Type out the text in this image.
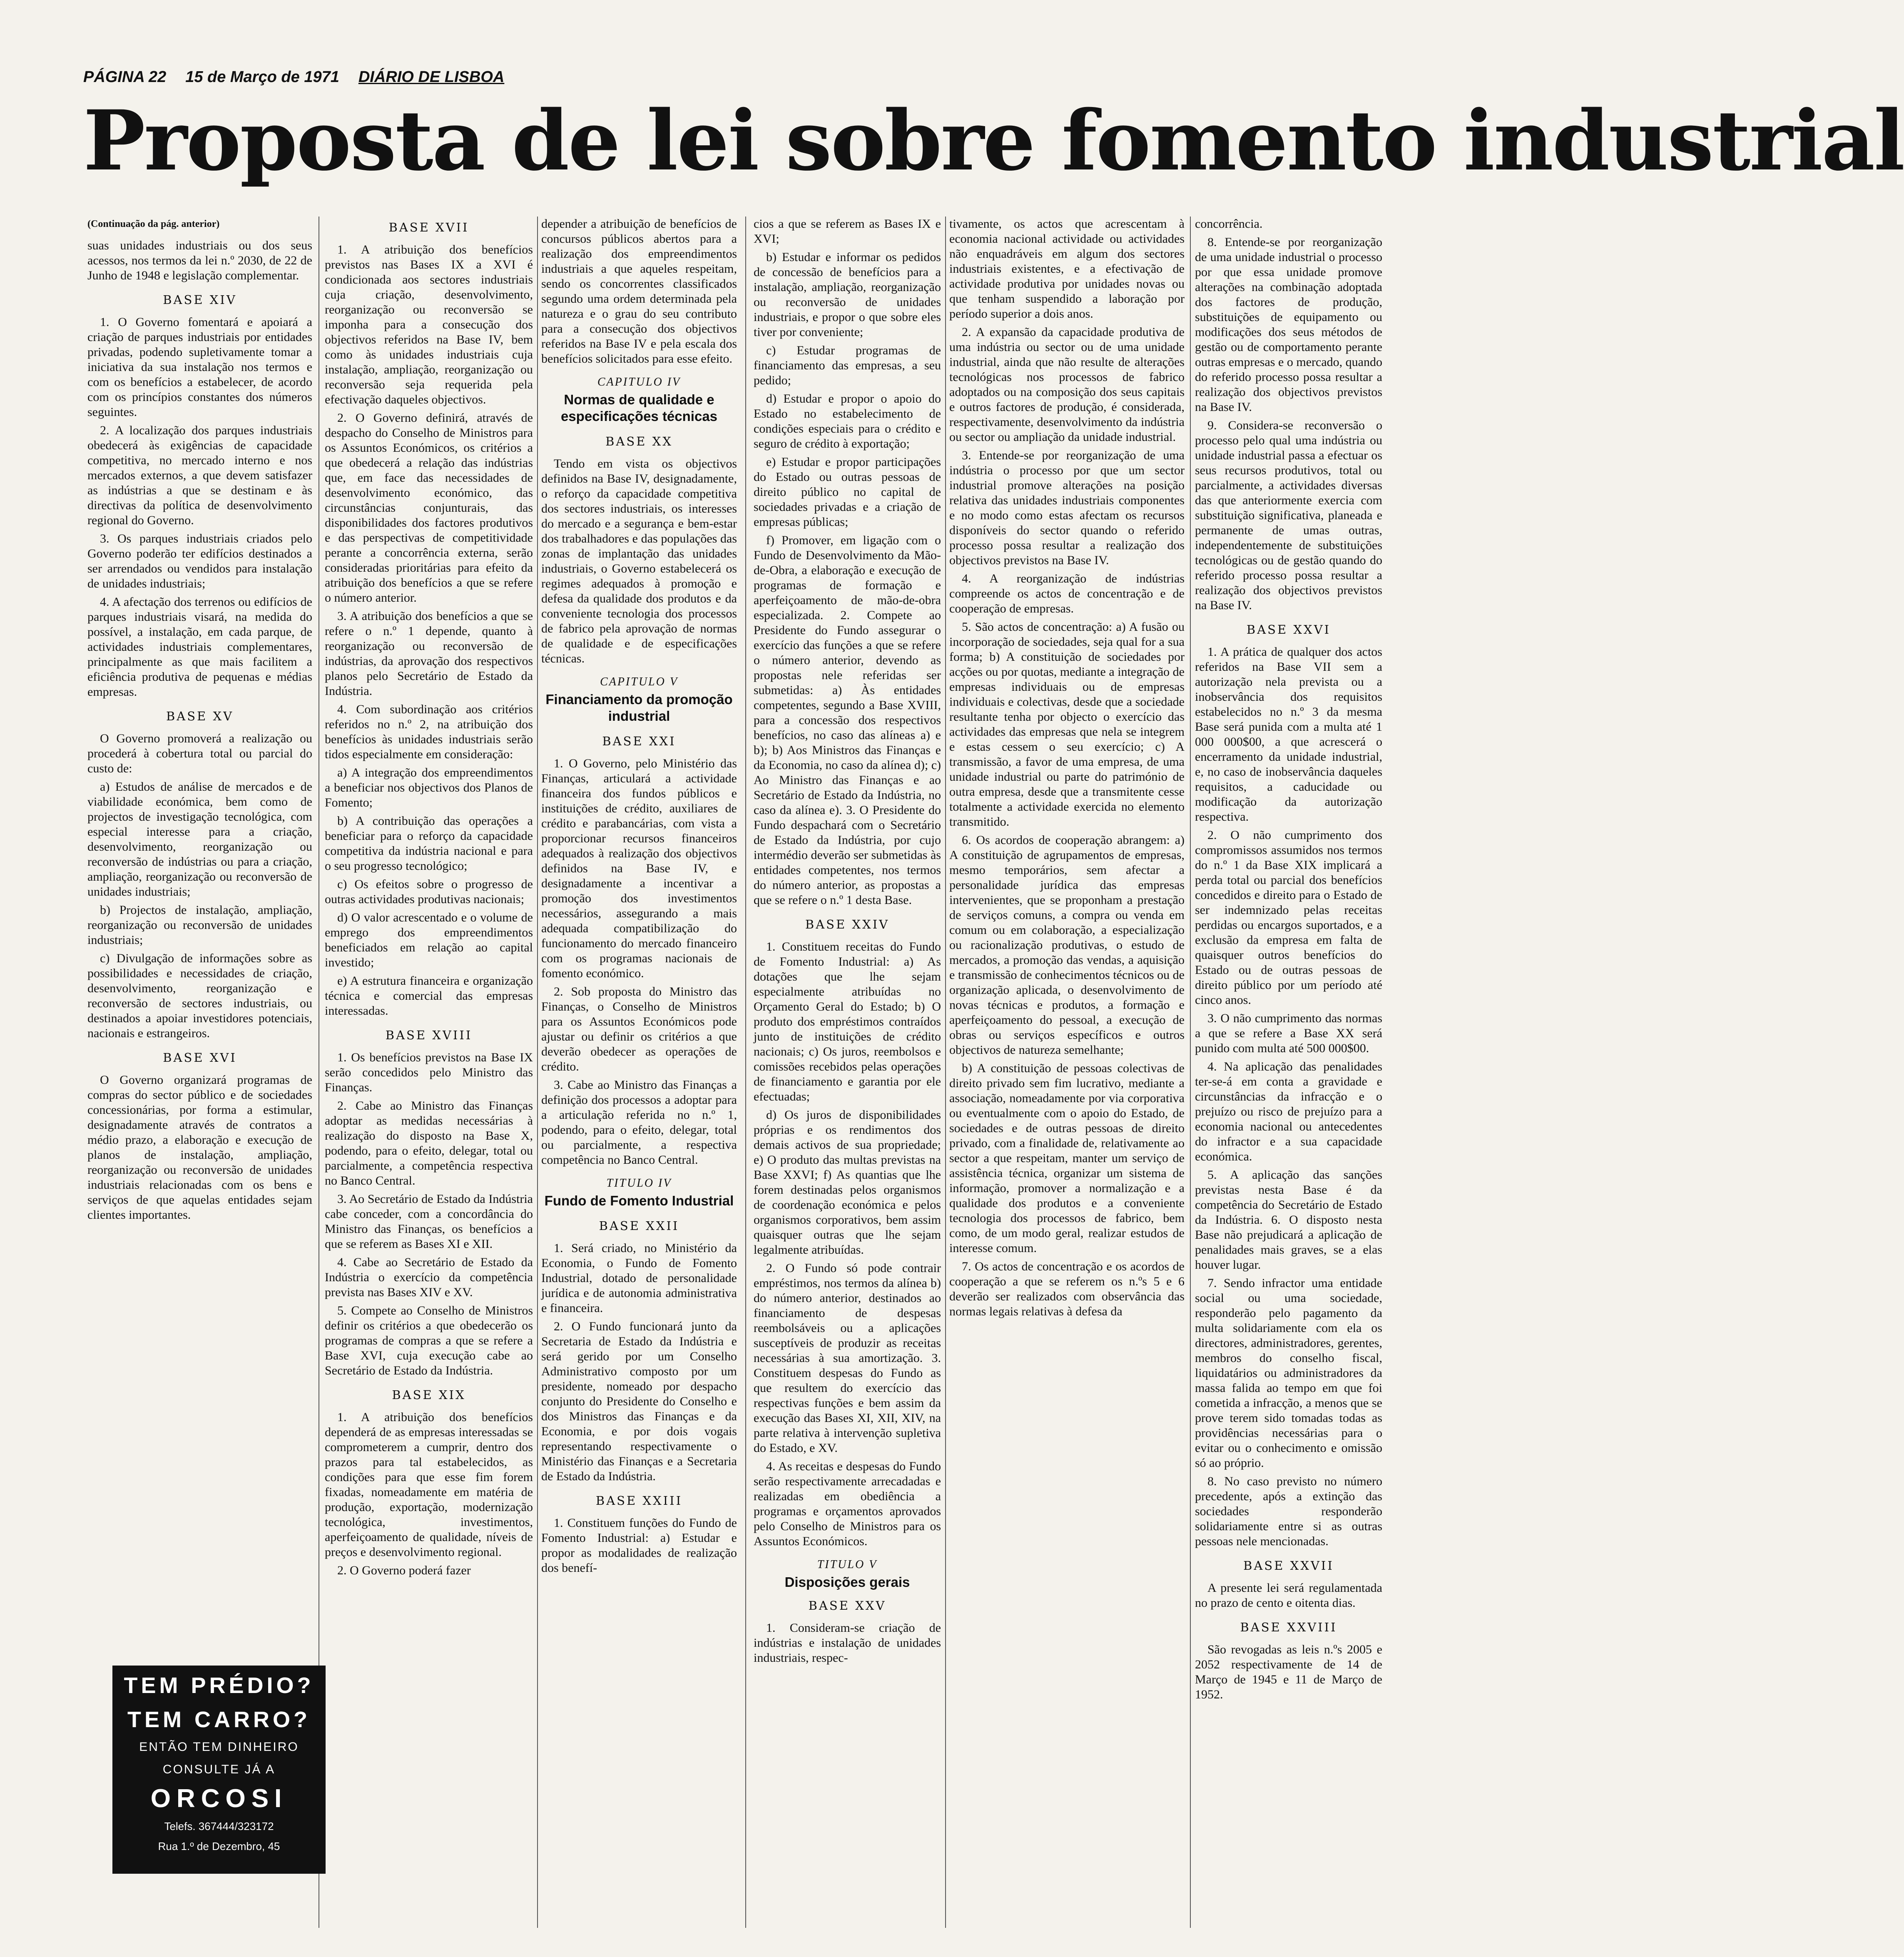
PÁGINA 22 15 de Março de 1971 DIÁRIO DE LISBOA
Proposta de lei sobre fomento industrial

(Continuação da pág. anterior)

suas unidades industriais ou dos seus acessos, nos termos da lei n.º 2030, de 22 de Junho de 1948 e legislação complementar.

BASE XIV

1. O Governo fomentará e apoiará a criação de parques industriais por entidades privadas, podendo supletivamente tomar a iniciativa da sua instalação nos termos e com os benefícios a estabelecer, de acordo com os princípios constantes dos números seguintes.

2. A localização dos parques industriais obedecerá às exigências de capacidade competitiva, no mercado interno e nos mercados externos, a que devem satisfazer as indústrias a que se destinam e às directivas da política de desenvolvimento regional do Governo.

3. Os parques industriais criados pelo Governo poderão ter edifícios destinados a ser arrendados ou vendidos para instalação de unidades industriais;

4. A afectação dos terrenos ou edifícios de parques industriais visará, na medida do possível, a instalação, em cada parque, de actividades industriais complementares, principalmente as que mais facilitem a eficiência produtiva de pequenas e médias empresas.

BASE XV

O Governo promoverá a realização ou procederá à cobertura total ou parcial do custo de:

a) Estudos de análise de mercados e de viabilidade económica, bem como de projectos de investigação tecnológica, com especial interesse para a criação, desenvolvimento, reorganização ou reconversão de indústrias ou para a criação, ampliação, reorganização ou reconversão de unidades industriais;

b) Projectos de instalação, ampliação, reorganização ou reconversão de unidades industriais;

c) Divulgação de informações sobre as possibilidades e necessidades de criação, desenvolvimento, reorganização e reconversão de sectores industriais, ou destinados a apoiar investidores potenciais, nacionais e estrangeiros.

BASE XVI

O Governo organizará programas de compras do sector público e de sociedades concessionárias, por forma a estimular, designadamente através de contratos a médio prazo, a elaboração e execução de planos de instalação, ampliação, reorganização ou reconversão de unidades industriais relacionadas com os bens e serviços de que aquelas entidades sejam clientes importantes.

TEM PRÉDIO?
TEM CARRO?
ENTÃO TEM DINHEIRO
CONSULTE JÁ A
ORCOSI
Telefs. 367444/323172
Rua 1.º de Dezembro, 45
BASE XVII

1. A atribuição dos benefícios previstos nas Bases IX a XVI é condicionada aos sectores industriais cuja criação, desenvolvimento, reorganização ou reconversão se imponha para a consecução dos objectivos referidos na Base IV, bem como às unidades industriais cuja instalação, ampliação, reorganização ou reconversão seja requerida pela efectivação daqueles objectivos.

2. O Governo definirá, através de despacho do Conselho de Ministros para os Assuntos Económicos, os critérios a que obedecerá a relação das indústrias que, em face das necessidades de desenvolvimento económico, das circunstâncias conjunturais, das disponibilidades dos factores produtivos e das perspectivas de competitividade perante a concorrência externa, serão consideradas prioritárias para efeito da atribuição dos benefícios a que se refere o número anterior.

3. A atribuição dos benefícios a que se refere o n.º 1 depende, quanto à reorganização ou reconversão de indústrias, da aprovação dos respectivos planos pelo Secretário de Estado da Indústria.

4. Com subordinação aos critérios referidos no n.º 2, na atribuição dos benefícios às unidades industriais serão tidos especialmente em consideração:

a) A integração dos empreendimentos a beneficiar nos objectivos dos Planos de Fomento;

b) A contribuição das operações a beneficiar para o reforço da capacidade competitiva da indústria nacional e para o seu progresso tecnológico;

c) Os efeitos sobre o progresso de outras actividades produtivas nacionais;

d) O valor acrescentado e o volume de emprego dos empreendimentos beneficiados em relação ao capital investido;

e) A estrutura financeira e organização técnica e comercial das empresas interessadas.

BASE XVIII

1. Os benefícios previstos na Base IX serão concedidos pelo Ministro das Finanças.

2. Cabe ao Ministro das Finanças adoptar as medidas necessárias à realização do disposto na Base X, podendo, para o efeito, delegar, total ou parcialmente, a competência respectiva no Banco Central.

3. Ao Secretário de Estado da Indústria cabe conceder, com a concordância do Ministro das Finanças, os benefícios a que se referem as Bases XI e XII.

4. Cabe ao Secretário de Estado da Indústria o exercício da competência prevista nas Bases XIV e XV.

5. Compete ao Conselho de Ministros definir os critérios a que obedecerão os programas de compras a que se refere a Base XVI, cuja execução cabe ao Secretário de Estado da Indústria.

BASE XIX

1. A atribuição dos benefícios dependerá de as empresas interessadas se comprometerem a cumprir, dentro dos prazos para tal estabelecidos, as condições para que esse fim forem fixadas, nomeadamente em matéria de produção, exportação, modernização tecnológica, investimentos, aperfeiçoamento de qualidade, níveis de preços e desenvolvimento regional.

2. O Governo poderá fazer

depender a atribuição de benefícios de concursos públicos abertos para a realização dos empreendimentos industriais a que aqueles respeitam, sendo os concorrentes classificados segundo uma ordem determinada pela natureza e o grau do seu contributo para a consecução dos objectivos referidos na Base IV e pela escala dos benefícios solicitados para esse efeito.

CAPITULO IV
Normas de qualidade e especificações técnicas
BASE XX

Tendo em vista os objectivos definidos na Base IV, designadamente, o reforço da capacidade competitiva dos sectores industriais, os interesses do mercado e a segurança e bem-estar dos trabalhadores e das populações das zonas de implantação das unidades industriais, o Governo estabelecerá os regimes adequados à promoção e defesa da qualidade dos produtos e da conveniente tecnologia dos processos de fabrico pela aprovação de normas de qualidade e de especificações técnicas.

CAPITULO V
Financiamento da promoção industrial
BASE XXI

1. O Governo, pelo Ministério das Finanças, articulará a actividade financeira dos fundos públicos e instituições de crédito, auxiliares de crédito e parabancárias, com vista a proporcionar recursos financeiros adequados à realização dos objectivos definidos na Base IV, e designadamente a incentivar a promoção dos investimentos necessários, assegurando a mais adequada compatibilização do funcionamento do mercado financeiro com os programas nacionais de fomento económico.

2. Sob proposta do Ministro das Finanças, o Conselho de Ministros para os Assuntos Económicos pode ajustar ou definir os critérios a que deverão obedecer as operações de crédito.

3. Cabe ao Ministro das Finanças a definição dos processos a adoptar para a articulação referida no n.º 1, podendo, para o efeito, delegar, total ou parcialmente, a respectiva competência no Banco Central.

TITULO IV
Fundo de Fomento Industrial
BASE XXII

1. Será criado, no Ministério da Economia, o Fundo de Fomento Industrial, dotado de personalidade jurídica e de autonomia administrativa e financeira.

2. O Fundo funcionará junto da Secretaria de Estado da Indústria e será gerido por um Conselho Administrativo composto por um presidente, nomeado por despacho conjunto do Presidente do Conselho e dos Ministros das Finanças e da Economia, e por dois vogais representando respectivamente o Ministério das Finanças e a Secretaria de Estado da Indústria.

BASE XXIII

1. Constituem funções do Fundo de Fomento Industrial: a) Estudar e propor as modalidades de realização dos benefí-

cios a que se referem as Bases IX e XVI;

b) Estudar e informar os pedidos de concessão de benefícios para a instalação, ampliação, reorganização ou reconversão de unidades industriais, e propor o que sobre eles tiver por conveniente;

c) Estudar programas de financiamento das empresas, a seu pedido;

d) Estudar e propor o apoio do Estado no estabelecimento de condições especiais para o crédito e seguro de crédito à exportação;

e) Estudar e propor participações do Estado ou outras pessoas de direito público no capital de sociedades privadas e a criação de empresas públicas;

f) Promover, em ligação com o Fundo de Desenvolvimento da Mão-de-Obra, a elaboração e execução de programas de formação e aperfeiçoamento de mão-de-obra especializada. 2. Compete ao Presidente do Fundo assegurar o exercício das funções a que se refere o número anterior, devendo as propostas nele referidas ser submetidas: a) Às entidades competentes, segundo a Base XVIII, para a concessão dos respectivos benefícios, no caso das alíneas a) e b); b) Aos Ministros das Finanças e da Economia, no caso da alínea d); c) Ao Ministro das Finanças e ao Secretário de Estado da Indústria, no caso da alínea e). 3. O Presidente do Fundo despachará com o Secretário de Estado da Indústria, por cujo intermédio deverão ser submetidas às entidades competentes, nos termos do número anterior, as propostas a que se refere o n.º 1 desta Base.

BASE XXIV

1. Constituem receitas do Fundo de Fomento Industrial: a) As dotações que lhe sejam especialmente atribuídas no Orçamento Geral do Estado; b) O produto dos empréstimos contraídos junto de instituições de crédito nacionais; c) Os juros, reembolsos e comissões recebidos pelas operações de financiamento e garantia por ele efectuadas;

d) Os juros de disponibilidades próprias e os rendimentos dos demais activos de sua propriedade; e) O produto das multas previstas na Base XXVI; f) As quantias que lhe forem destinadas pelos organismos de coordenação económica e pelos organismos corporativos, bem assim quaisquer outras que lhe sejam legalmente atribuídas.

2. O Fundo só pode contrair empréstimos, nos termos da alínea b) do número anterior, destinados ao financiamento de despesas reembolsáveis ou a aplicações susceptíveis de produzir as receitas necessárias à sua amortização. 3. Constituem despesas do Fundo as que resultem do exercício das respectivas funções e bem assim da execução das Bases XI, XII, XIV, na parte relativa à intervenção supletiva do Estado, e XV.

4. As receitas e despesas do Fundo serão respectivamente arrecadadas e realizadas em obediência a programas e orçamentos aprovados pelo Conselho de Ministros para os Assuntos Económicos.

TITULO V
Disposições gerais
BASE XXV

1. Consideram-se criação de indústrias e instalação de unidades industriais, respec-

tivamente, os actos que acrescentam à economia nacional actividade ou actividades não enquadráveis em algum dos sectores industriais existentes, e a efectivação de actividade produtiva por unidades novas ou que tenham suspendido a laboração por período superior a dois anos.

2. A expansão da capacidade produtiva de uma indústria ou sector ou de uma unidade industrial, ainda que não resulte de alterações tecnológicas nos processos de fabrico adoptados ou na composição dos seus capitais e outros factores de produção, é considerada, respectivamente, desenvolvimento da indústria ou sector ou ampliação da unidade industrial.

3. Entende-se por reorganização de uma indústria o processo por que um sector industrial promove alterações na posição relativa das unidades industriais componentes e no modo como estas afectam os recursos disponíveis do sector quando o referido processo possa resultar a realização dos objectivos previstos na Base IV.

4. A reorganização de indústrias compreende os actos de concentração e de cooperação de empresas.

5. São actos de concentração: a) A fusão ou incorporação de sociedades, seja qual for a sua forma; b) A constituição de sociedades por acções ou por quotas, mediante a integração de empresas individuais ou de empresas individuais e colectivas, desde que a sociedade resultante tenha por objecto o exercício das actividades das empresas que nela se integrem e estas cessem o seu exercício; c) A transmissão, a favor de uma empresa, de uma unidade industrial ou parte do património de outra empresa, desde que a transmitente cesse totalmente a actividade exercida no elemento transmitido.

6. Os acordos de cooperação abrangem: a) A constituição de agrupamentos de empresas, mesmo temporários, sem afectar a personalidade jurídica das empresas intervenientes, que se proponham a prestação de serviços comuns, a compra ou venda em comum ou em colaboração, a especialização ou racionalização produtivas, o estudo de mercados, a promoção das vendas, a aquisição e transmissão de conhecimentos técnicos ou de organização aplicada, o desenvolvimento de novas técnicas e produtos, a formação e aperfeiçoamento do pessoal, a execução de obras ou serviços específicos e outros objectivos de natureza semelhante;

b) A constituição de pessoas colectivas de direito privado sem fim lucrativo, mediante a associação, nomeadamente por via corporativa ou eventualmente com o apoio do Estado, de sociedades e de outras pessoas de direito privado, com a finalidade de, relativamente ao sector a que respeitam, manter um serviço de assistência técnica, organizar um sistema de informação, promover a normalização e a qualidade dos produtos e a conveniente tecnologia dos processos de fabrico, bem como, de um modo geral, realizar estudos de interesse comum.

7. Os actos de concentração e os acordos de cooperação a que se referem os n.ºs 5 e 6 deverão ser realizados com observância das normas legais relativas à defesa da

concorrência.

8. Entende-se por reorganização de uma unidade industrial o processo por que essa unidade promove alterações na combinação adoptada dos factores de produção, substituições de equipamento ou modificações dos seus métodos de gestão ou de comportamento perante outras empresas e o mercado, quando do referido processo possa resultar a realização dos objectivos previstos na Base IV.

9. Considera-se reconversão o processo pelo qual uma indústria ou unidade industrial passa a efectuar os seus recursos produtivos, total ou parcialmente, a actividades diversas das que anteriormente exercia com substituição significativa, planeada e permanente de umas outras, independentemente de substituições tecnológicas ou de gestão quando do referido processo possa resultar a realização dos objectivos previstos na Base IV.

BASE XXVI

1. A prática de qualquer dos actos referidos na Base VII sem a autorização nela prevista ou a inobservância dos requisitos estabelecidos no n.º 3 da mesma Base será punida com a multa até 1 000 000$00, a que acrescerá o encerramento da unidade industrial, e, no caso de inobservância daqueles requisitos, a caducidade ou modificação da autorização respectiva.

2. O não cumprimento dos compromissos assumidos nos termos do n.º 1 da Base XIX implicará a perda total ou parcial dos benefícios concedidos e direito para o Estado de ser indemnizado pelas receitas perdidas ou encargos suportados, e a exclusão da empresa em falta de quaisquer outros benefícios do Estado ou de outras pessoas de direito público por um período até cinco anos.

3. O não cumprimento das normas a que se refere a Base XX será punido com multa até 500 000$00.

4. Na aplicação das penalidades ter-se-á em conta a gravidade e circunstâncias da infracção e o prejuízo ou risco de prejuízo para a economia nacional ou antecedentes do infractor e a sua capacidade económica.

5. A aplicação das sanções previstas nesta Base é da competência do Secretário de Estado da Indústria. 6. O disposto nesta Base não prejudicará a aplicação de penalidades mais graves, se a elas houver lugar.

7. Sendo infractor uma entidade social ou uma sociedade, responderão pelo pagamento da multa solidariamente com ela os directores, administradores, gerentes, membros do conselho fiscal, liquidatários ou administradores da massa falida ao tempo em que foi cometida a infracção, a menos que se prove terem sido tomadas todas as providências necessárias para o evitar ou o conhecimento e omissão só ao próprio.

8. No caso previsto no número precedente, após a extinção das sociedades responderão solidariamente entre si as outras pessoas nele mencionadas.

BASE XXVII

A presente lei será regulamentada no prazo de cento e oitenta dias.

BASE XXVIII

São revogadas as leis n.ºs 2005 e 2052 respectivamente de 14 de Março de 1945 e 11 de Março de 1952.
